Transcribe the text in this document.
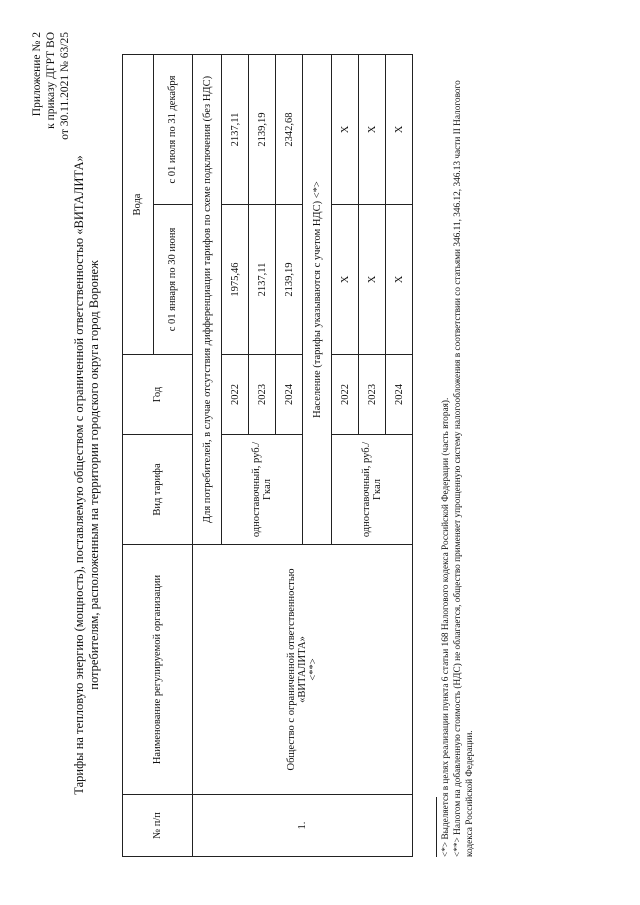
Приложение № 2 к приказу ДГРТ ВО от 30.11.2021 № 63/25
Тарифы на тепловую энергию (мощность), поставляемую обществом с ограниченной ответственностью «ВИТАЛИТА» потребителям, расположенным на территории городского округа город Воронеж
№ п/п	Наименование регулируемой организации	Вид тарифа	Год	Вода	
				с 01 января по 30 июня	с 01 июля по 31 декабря
1.	Общество с ограниченной ответственностью «ВИТАЛИТА» <**>	Для потребителей, в случае отсутствия дифференциации тарифов по схеме подключения (без НДС)			
		одноставочный, руб./Гкал	2022	1975,46	2137,11
			2023	2137,11	2139,19
			2024	2139,19	2342,68
		Население (тарифы указываются с учетом НДС) <*>			
		одноставочный, руб./Гкал	2022	X	X
			2023	X	X
			2024	X	X

<*> Выделяется в целях реализации пункта 6 статьи 168 Налогового кодекса Российской Федерации (часть вторая). <**> Налогом на добавленную стоимость (НДС) не облагается, общество применяет упрощенную систему налогообложения в соответствии со статьями 346.11, 346.12, 346.13 части II Налогового кодекса Российской Федерации.
